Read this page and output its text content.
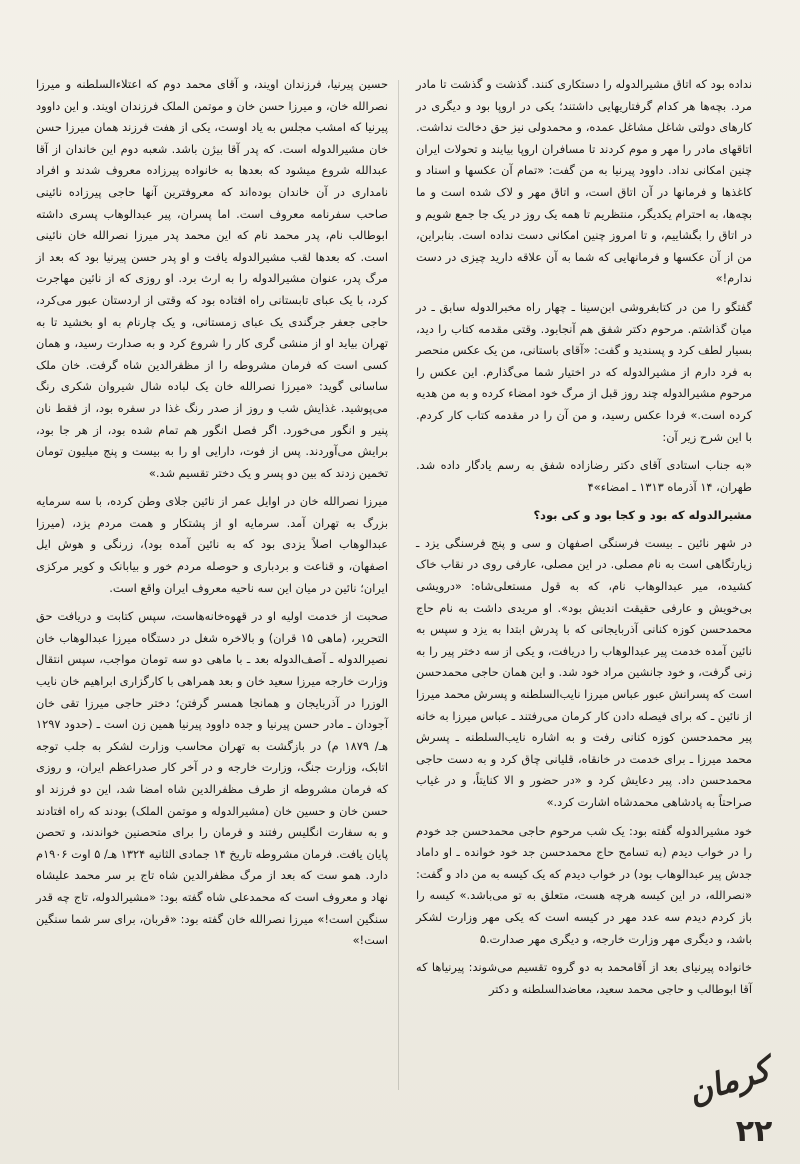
نداده بود که اتاق مشیرالدوله را دستکاری کنند. گذشت و گذشت تا مادر مرد. بچه‌ها هر کدام گرفتاریهایی داشتند؛ یکی در اروپا بود و دیگری در کارهای دولتی شاغل مشاغل عمده، و محمدولی نیز حق دخالت نداشت. اتاقهای مادر را مهر و موم کردند تا مسافران اروپا بیایند و تحولات ایران چنین امکانی نداد. داوود پیرنیا به من گفت: «تمام آن عکسها و اسناد و کاغذها و فرمانها در آن اتاق است، و اتاق مهر و لاک شده است و ما بچه‌ها، به احترام یکدیگر، منتظریم تا همه یک روز در یک جا جمع شویم و در اتاق را بگشاییم، و تا امروز چنین امکانی دست نداده است. بنابراین، من از آن عکسها و فرمانهایی که شما به آن علاقه دارید چیزی در دست ندارم!»

گفتگو را من در کتابفروشی ابن‌سینا ـ چهار راه مخبرالدوله سابق ـ در میان گذاشتم. مرحوم دکتر شفق هم آنجابود. وقتی مقدمه کتاب را دید، بسیار لطف کرد و پسندید و گفت: «آقای باستانی، من یک عکس منحصر به فرد دارم از مشیرالدوله که در اختیار شما می‌گذارم. این عکس را مرحوم مشیرالدوله چند روز قبل از مرگ خود امضاء کرده و به من هدیه کرده است.» فردا عکس رسید، و من آن را در مقدمه کتاب کار کردم. با این شرح زیر آن:

«به جناب استادی آقای دکتر رضازاده شفق به رسم یادگار داده شد. طهران، ۱۴ آذرماه ۱۳۱۳ ـ امضاء»۴

مشیرالدوله که بود و کجا بود و کی بود؟

در شهر نائین ـ بیست فرسنگی اصفهان و سی و پنج فرسنگی یزد ـ زیارتگاهی است به نام مصلی. در این مصلی، عارفی روی در نقاب خاک کشیده، میر عبدالوهاب نام، که به قول مستعلی‌شاه: «درویشی بی‌خویش و عارفی حقیقت اندیش بود». او مریدی داشت به نام حاج محمدحسن کوزه کنانی آذربایجانی که با پدرش ابتدا به یزد و سپس به نائین آمده خدمت پیر عبدالوهاب را دریافت، و یکی از سه دختر پیر را به زنی گرفت، و خود جانشین مراد خود شد. و این همان حاجی محمدحسن است که پسرانش عبور عباس میرزا نایب‌السلطنه و پسرش محمد میرزا از نائین ـ که برای فیصله دادن کار کرمان می‌رفتند ـ عباس میرزا به خانه پیر محمدحسن کوزه کنانی رفت و به اشاره نایب‌السلطنه ـ پسرش محمد میرزا ـ برای خدمت در خانقاه، قلیانی چاق کرد و به دست حاجی محمدحسن داد. پیر دعایش کرد و «در حضور و الا کنایتاً، و در غیاب صراحتاً به پادشاهی محمدشاه اشارت کرد.»

خود مشیرالدوله گفته بود: یک شب مرحوم حاجی محمدحسن جد خودم را در خواب دیدم (به تسامح حاج محمدحسن جد خود خوانده ـ او داماد جدش پیر عبدالوهاب بود) در خواب دیدم که یک کیسه به من داد و گفت: «نصرالله، در این کیسه هرچه هست، متعلق به تو می‌باشد.» کیسه را باز کردم دیدم سه عدد مهر در کیسه است که یکی مهر وزارت لشکر باشد، و دیگری مهر وزارت خارجه، و دیگری مهر صدارت.۵

خانواده پیرنیای بعد از آقامحمد به دو گروه تقسیم می‌شوند: پیرنیاها که آقا ابوطالب و حاجی محمد سعید، معاضدالسلطنه و دکتر

حسین پیرنیا، فرزندان اویند، و آقای محمد دوم که اعتلاءالسلطنه و میرزا نصرالله خان، و میرزا حسن خان و موتمن الملک فرزندان اویند. و این داوود پیرنیا که امشب مجلس به یاد اوست، یکی از هفت فرزند همان میرزا حسن خان مشیرالدوله است. که پدر آقا بیژن باشد. شعبه دوم این خاندان از آقا عبدالله شروع میشود که بعدها به خانواده پیرزاده معروف شدند و افراد نامداری در آن خاندان بوده‌اند که معروفترین آنها حاجی پیرزاده نائینی صاحب سفرنامه معروف است. اما پسران، پیر عبدالوهاب پسری داشته ابوطالب نام، پدر محمد نام که این محمد پدر میرزا نصرالله خان نائینی است. که بعدها لقب مشیرالدوله یافت و او پدر حسن پیرنیا بود که بعد از مرگ پدر، عنوان مشیرالدوله را به ارث برد. او روزی که از نائین مهاجرت کرد، با یک عبای تابستانی راه افتاده بود که وقتی از اردستان عبور می‌کرد، حاجی جعفر جرگندی یک عبای زمستانی، و یک چارنام به او بخشید تا به تهران بیاید او از منشی گری کار را شروع کرد و به صدارت رسید، و همان کسی است که فرمان مشروطه را از مظفرالدین شاه گرفت. خان ملک ساسانی گوید: «میرزا نصرالله خان یک لباده شال شیروان شکری رنگ می‌پوشید. غذایش شب و روز از صدر رنگ غذا در سفره بود، از فقط نان پنیر و انگور می‌خورد. اگر فصل انگور هم تمام شده بود، از هر جا بود، برایش می‌آوردند. پس از فوت، دارایی او را به بیست و پنج میلیون تومان تخمین زدند که بین دو پسر و یک دختر تقسیم شد.»

میرزا نصرالله خان در اوایل عمر از نائین جلای وطن کرده، با سه سرمایه بزرگ به تهران آمد. سرمایه او از پشتکار و همت مردم یزد، (میرزا عبدالوهاب اصلاً یزدی بود که به نائین آمده بود)، زرنگی و هوش ایل اصفهان، و قناعت و بردباری و حوصله مردم خور و بیابانک و کویر مرکزی ایران؛ نائین در میان این سه ناحیه معروف ایران واقع است.

صحبت از خدمت اولیه او در قهوه‌خانه‌هاست، سپس کتابت و دریافت حق التحریر، (ماهی ۱۵ قران) و بالاخره شغل در دستگاه میرزا عبدالوهاب خان نصیرالدوله ـ آصف‌الدوله بعد ـ با ماهی دو سه تومان مواجب، سپس انتقال وزارت خارجه میرزا سعید خان و بعد همراهی با کارگزاری ابراهیم خان نایب الوزرا در آذربایجان و همانجا همسر گرفتن؛ دختر حاجی میرزا تقی خان آجودان ـ مادر حسن پیرنیا و جده داوود پیرنیا همین زن است ـ (حدود ۱۲۹۷ هـ/ ۱۸۷۹ م) در بازگشت به تهران محاسب وزارت لشکر به جلب توجه اتابک، وزارت جنگ، وزارت خارجه و در آخر کار صدراعظم ایران، و روزی که فرمان مشروطه از طرف مظفرالدین شاه امضا شد، این دو فرزند او حسن خان و حسین خان (مشیرالدوله و موتمن الملک) بودند که راه افتادند و به سفارت انگلیس رفتند و فرمان را برای متحصنین خواندند، و تحصن پایان یافت. فرمان مشروطه تاریخ ۱۴ جمادی الثانیه ۱۳۲۴ هـ/ ۵ اوت ۱۹۰۶م دارد. همو ست که بعد از مرگ مظفرالدین شاه تاج بر سر محمد علیشاه نهاد و معروف است که محمدعلی شاه گفته بود: «مشیرالدوله، تاج چه قدر سنگین است!» میرزا نصرالله خان گفته بود: «قربان، برای سر شما سنگین است!»

کرمان
۲۲
